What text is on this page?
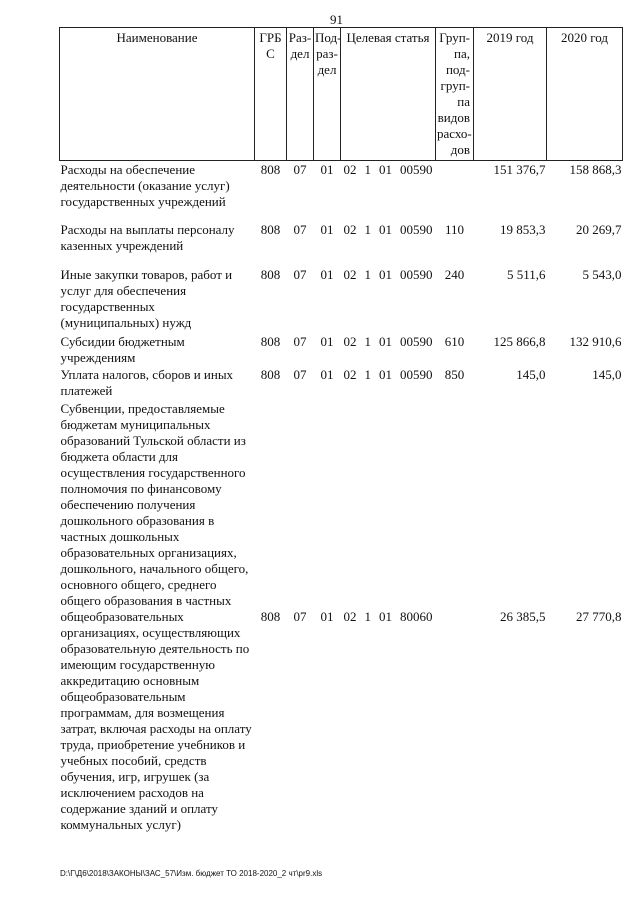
91
Наименование	ГРБ С	Раз-дел	Под-раз-дел	Целевая статья	Груп-па, под-груп-па видов расхо-дов	2019 год	2020 год
Расходы на обеспечение деятельности (оказание услуг) государственных учреждений	808	07	01	02 1 01 00590		151 376,7	158 868,3
Расходы на выплаты персоналу казенных учреждений	808	07	01	02 1 01 00590	110	19 853,3	20 269,7
Иные закупки товаров, работ и услуг для обеспечения государственных (муниципальных) нужд	808	07	01	02 1 01 00590	240	5 511,6	5 543,0
Субсидии бюджетным учреждениям	808	07	01	02 1 01 00590	610	125 866,8	132 910,6
Уплата налогов, сборов и иных платежей	808	07	01	02 1 01 00590	850	145,0	145,0
Субвенции, предоставляемые бюджетам муниципальных образований Тульской области из бюджета области для осуществления государственного полномочия по финансовому обеспечению получения дошкольного образования в частных дошкольных образовательных организациях, дошкольного, начального общего, основного общего, среднего общего образования в частных общеобразовательных организациях, осуществляющих образовательную деятельность по имеющим государственную аккредитацию основным общеобразовательным программам, для возмещения затрат, включая расходы на оплату труда, приобретение учебников и учебных пособий, средств обучения, игр, игрушек (за исключением расходов на содержание зданий и оплату коммунальных услуг)	808	07	01	02 1 01 80060		26 385,5	27 770,8
D:\Г\Д6\2018\ЗАКОНЫ\ЗАС_57\Изм. бюджет ТО 2018-2020_2 чт\pr9.xls
